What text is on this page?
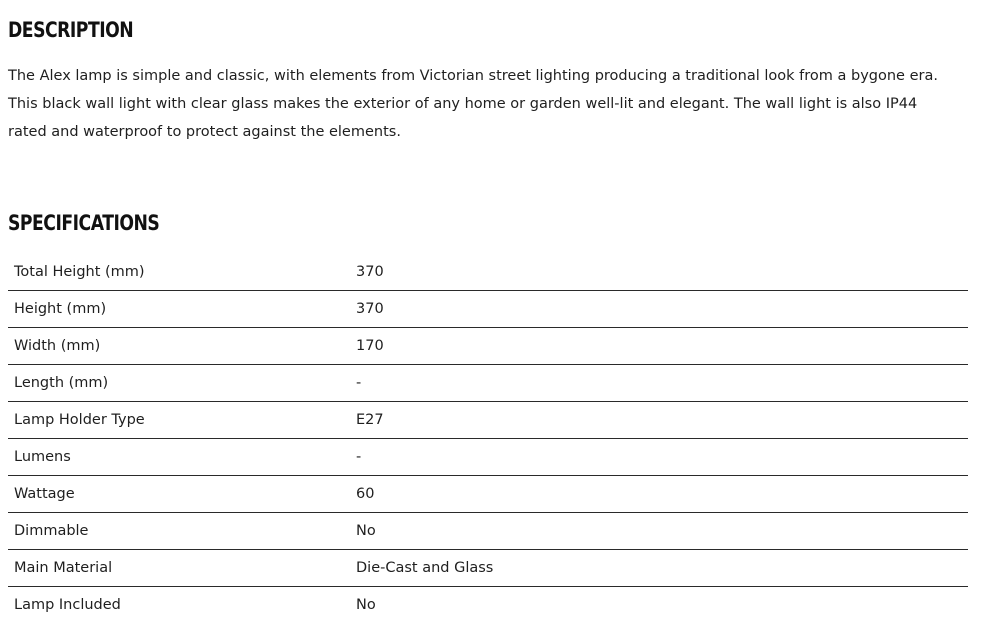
DESCRIPTION

The Alex lamp is simple and classic, with elements from Victorian street lighting producing a traditional look from a bygone era.
This black wall light with clear glass makes the exterior of any home or garden well-lit and elegant. The wall light is also IP44
rated and waterproof to protect against the elements.

SPECIFICATIONS
Total Height (mm)	370
Height (mm)	370
Width (mm)	170
Length (mm)	-
Lamp Holder Type	E27
Lumens	-
Wattage	60
Dimmable	No
Main Material	Die-Cast and Glass
Lamp Included	No
